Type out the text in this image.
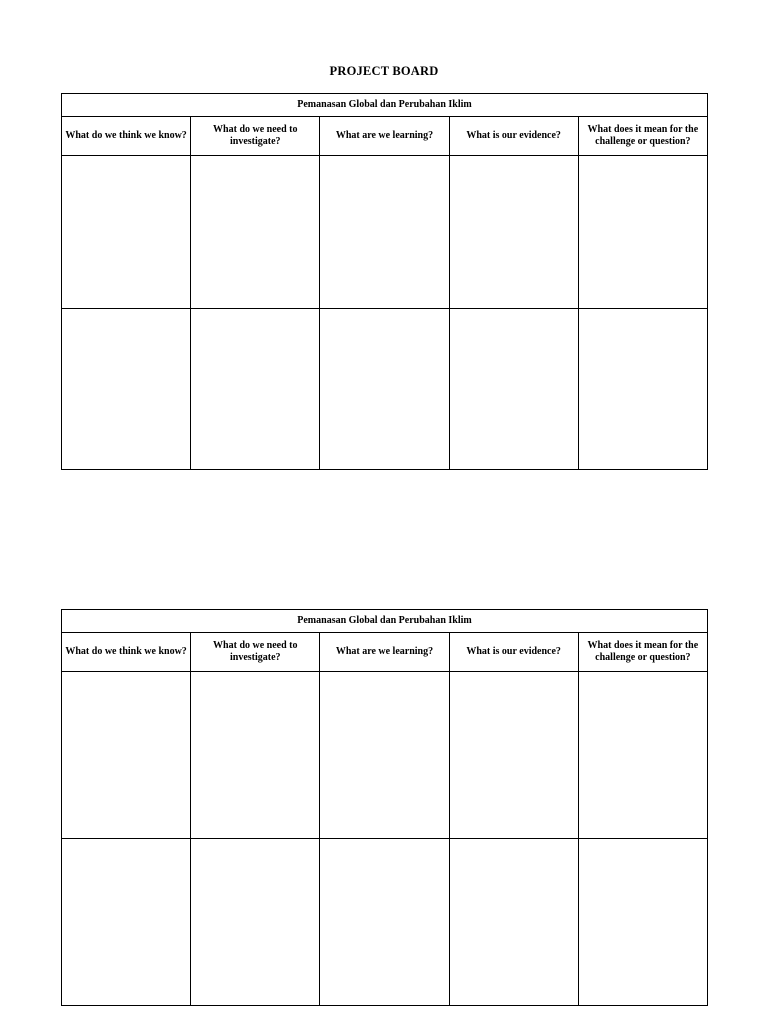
PROJECT BOARD
Pemanasan Global dan Perubahan Iklim				
What do we think we know?	What do we need to investigate?	What are we learning?	What is our evidence?	What does it mean for the challenge or question?

Pemanasan Global dan Perubahan Iklim				
What do we think we know?	What do we need to investigate?	What are we learning?	What is our evidence?	What does it mean for the challenge or question?
